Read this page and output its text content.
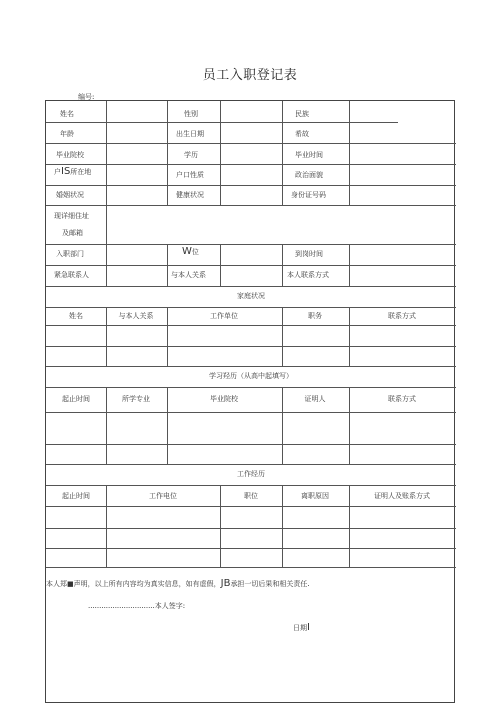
员工入职登记表
编号:
姓名	性别	民族
年龄	出生日期	希故
毕业院校	学历	毕业时间
户IS所在地	户口性质	政治面貌
婚姻状况	健康状况	身份证号码
现详细住址
及邮箱
入职部门	W位	到岗时间
紧急联系人	与本人关系	本人联系方式
家庭状况
姓名	与本人关系	工作单位	职务	联系方式
学习羟历（从高中起填写）
起止时间	所学专业	毕业院校	证明人	联系方式
工作经历
起止时间	工作电位	职位	离职原因	证明人及账系方式
本人郑■声明，以上所有内容均为真实信息，如有虚假，JB承担一切后果和相关责任.
..............................本人签字:
日期I
